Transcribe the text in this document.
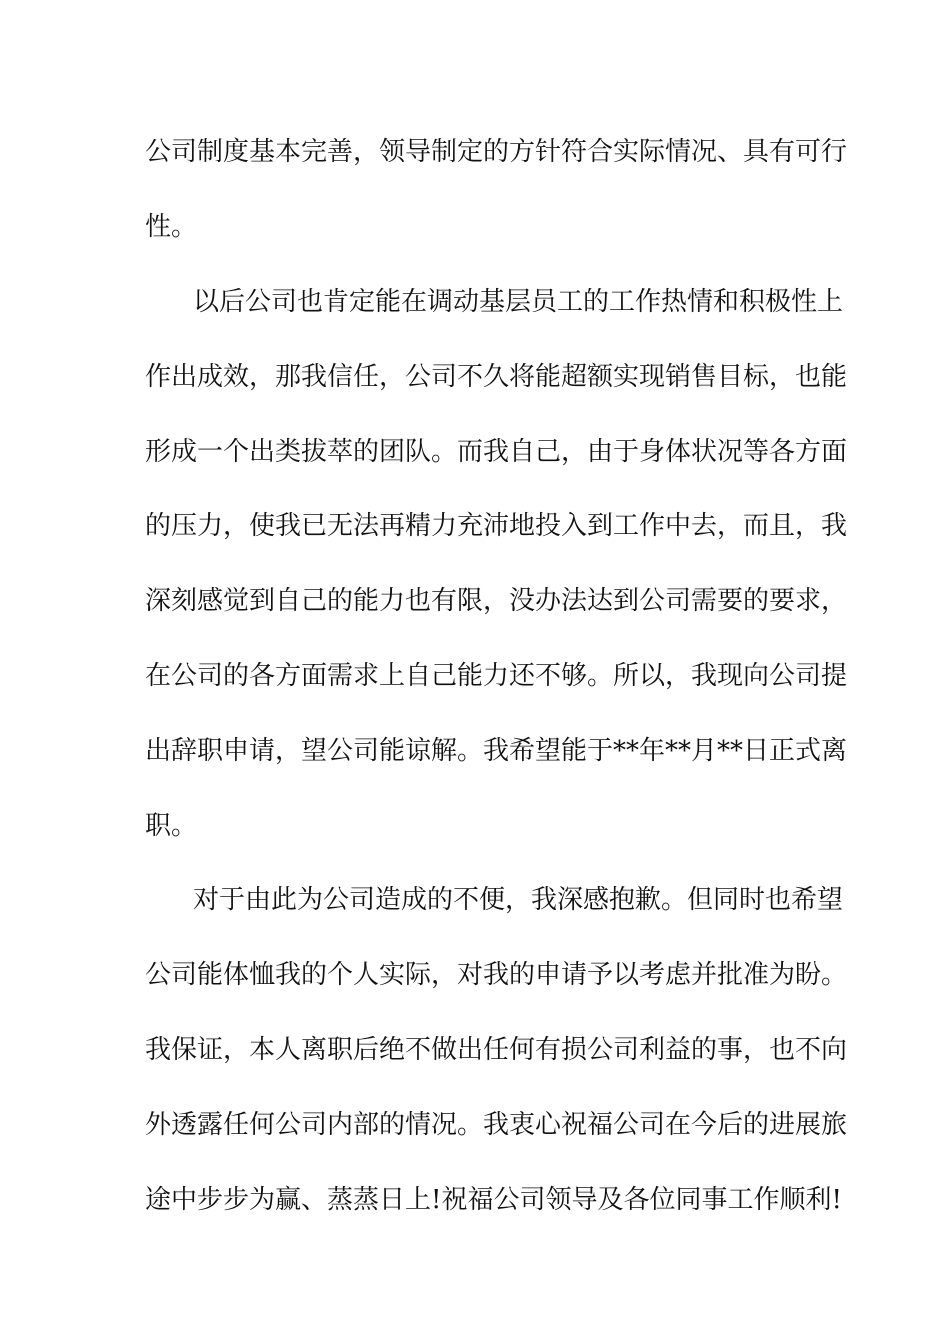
公司制度基本完善，领导制定的方针符合实际情况、具有可行
性。
以后公司也肯定能在调动基层员工的工作热情和积极性上
作出成效，那我信任，公司不久将能超额实现销售目标，也能
形成一个出类拔萃的团队。而我自己，由于身体状况等各方面
的压力，使我已无法再精力充沛地投入到工作中去，而且，我
深刻感觉到自己的能力也有限，没办法达到公司需要的要求，
在公司的各方面需求上自己能力还不够。所以，我现向公司提
出辞职申请，望公司能谅解。我希望能于**年**月**日正式离
职。
对于由此为公司造成的不便，我深感抱歉。但同时也希望
公司能体恤我的个人实际，对我的申请予以考虑并批准为盼。
我保证，本人离职后绝不做出任何有损公司利益的事，也不向
外透露任何公司内部的情况。我衷心祝福公司在今后的进展旅
途中步步为赢、蒸蒸日上!祝福公司领导及各位同事工作顺利!
